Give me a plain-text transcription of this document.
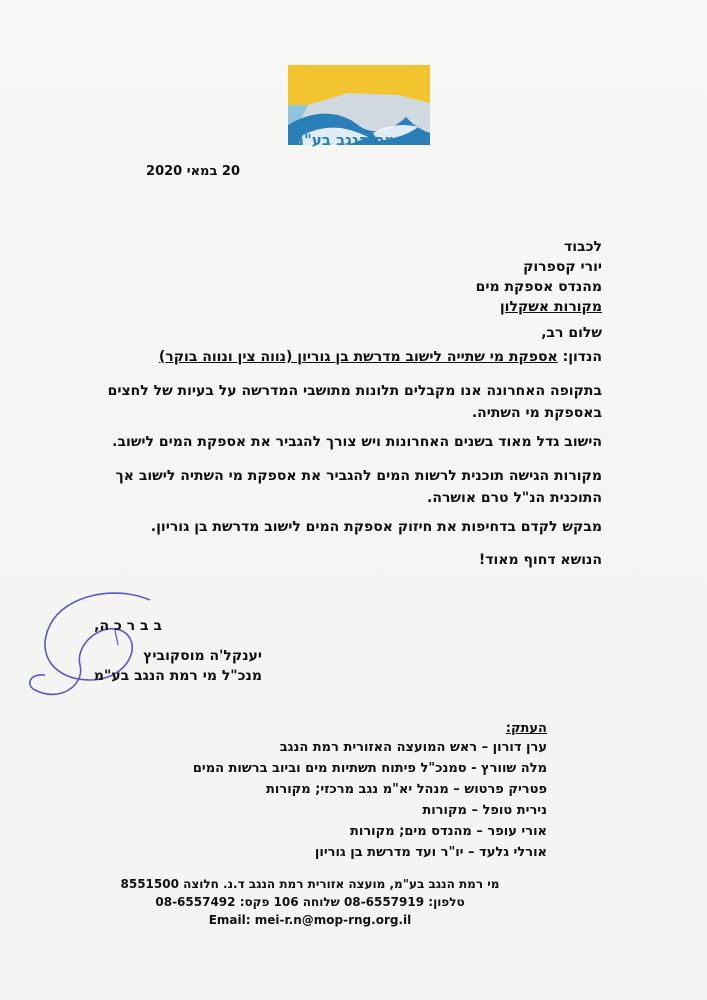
מי רמת הנגב בע"מ
20 במאי 2020
לכבוד
יורי קספרוק
מהנדס אספקת מים
מקורות אשקלון
שלום רב,
הנדון: אספקת מי שתייה לישוב מדרשת בן גוריון (נווה צין ונווה בוקר)
בתקופה האחרונה אנו מקבלים תלונות מתושבי המדרשה על בעיות של לחצים באספקת מי השתיה.
הישוב גדל מאוד בשנים האחרונות ויש צורך להגביר את אספקת המים לישוב.
מקורות הגישה תוכנית לרשות המים להגביר את אספקת מי השתיה לישוב אך התוכנית הנ"ל טרם אושרה.
מבקש לקדם בדחיפות את חיזוק אספקת המים לישוב מדרשת בן גוריון.
הנושא דחוף מאוד!
ב ב ר כ ה,
יענקל'ה מוסקוביץ
מנכ"ל מי רמת הנגב בע"מ
העתק:
ערן דורון – ראש המועצה האזורית רמת הנגב
מלה שוורץ - סמנכ"ל פיתוח תשתיות מים וביוב ברשות המים
פטריק פרטוש – מנהל יא"מ נגב מרכזי; מקורות
נירית טופל – מקורות
אורי עופר – מהנדס מים; מקורות
אורלי גלעד – יו"ר ועד מדרשת בן גוריון
מי רמת הנגב בע"מ, מועצה אזורית רמת הנגב ד.נ. חלוצה 8551500
טלפון: 08-6557919 שלוחה 106 פקס: 08-6557492
Email: mei-r.n@mop-rng.org.il
